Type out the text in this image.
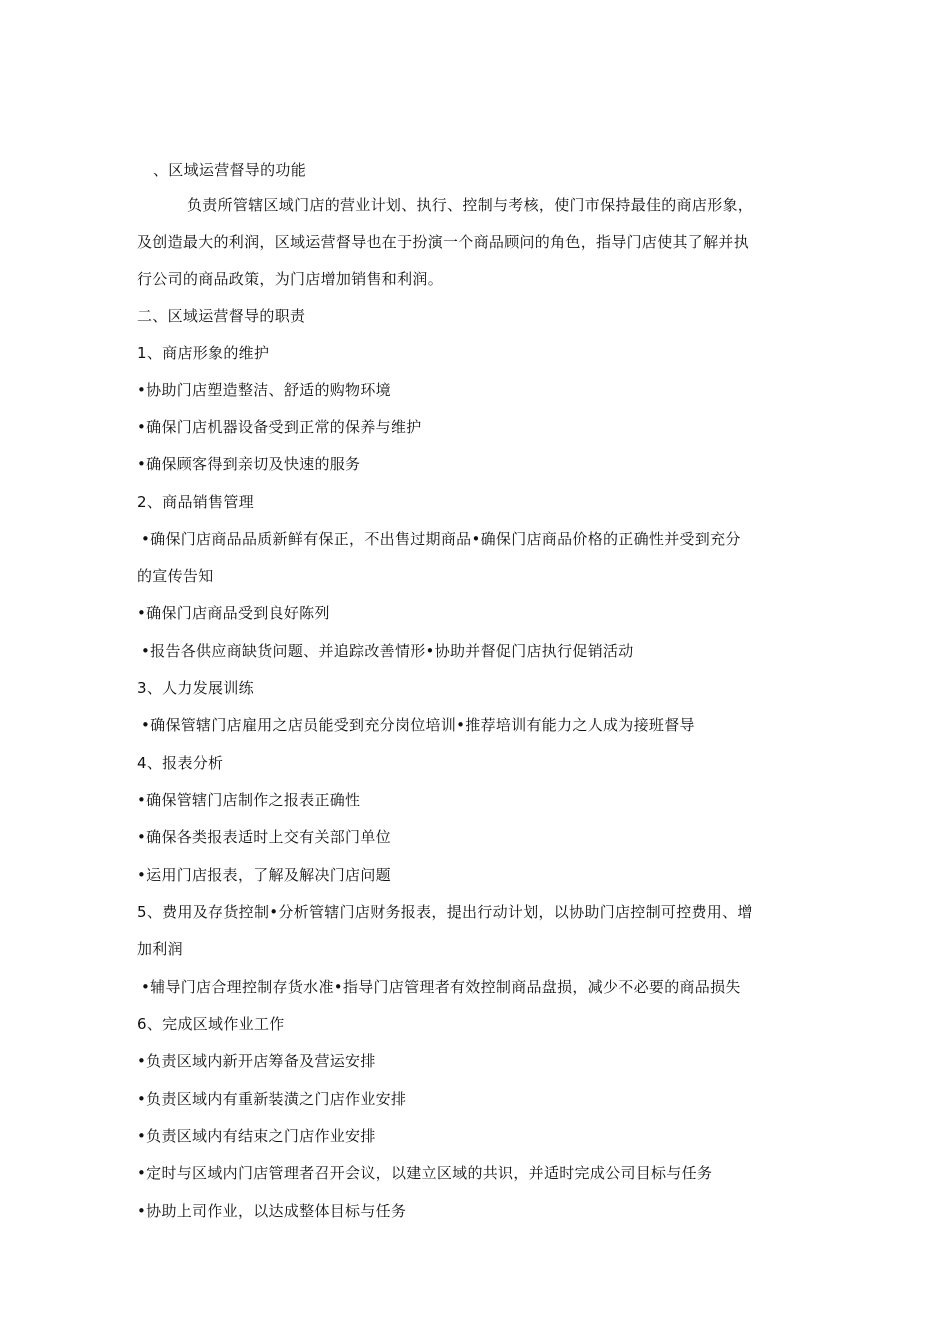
、区域运营督导的功能
负责所管辖区域门店的营业计划、执行、控制与考核，使门市保持最佳的商店形象，
及创造最大的利润，区域运营督导也在于扮演一个商品顾问的角色，指导门店使其了解并执
行公司的商品政策，为门店增加销售和利润。
二、区域运营督导的职责
1、商店形象的维护
•协助门店塑造整洁、舒适的购物环境
•确保门店机器设备受到正常的保养与维护
•确保顾客得到亲切及快速的服务
2、商品销售管理
•确保门店商品品质新鲜有保正，不出售过期商品•确保门店商品价格的正确性并受到充分
的宣传告知
•确保门店商品受到良好陈列
•报告各供应商缺货问题、并追踪改善情形•协助并督促门店执行促销活动
3、人力发展训练
•确保管辖门店雇用之店员能受到充分岗位培训•推荐培训有能力之人成为接班督导
4、报表分析
•确保管辖门店制作之报表正确性
•确保各类报表适时上交有关部门单位
•运用门店报表，了解及解决门店问题
5、费用及存货控制•分析管辖门店财务报表，提出行动计划，以协助门店控制可控费用、增
加利润
•辅导门店合理控制存货水准•指导门店管理者有效控制商品盘损，减少不必要的商品损失
6、完成区域作业工作
•负责区域内新开店筹备及营运安排
•负责区域内有重新装潢之门店作业安排
•负责区域内有结束之门店作业安排
•定时与区域内门店管理者召开会议，以建立区域的共识，并适时完成公司目标与任务
•协助上司作业，以达成整体目标与任务
